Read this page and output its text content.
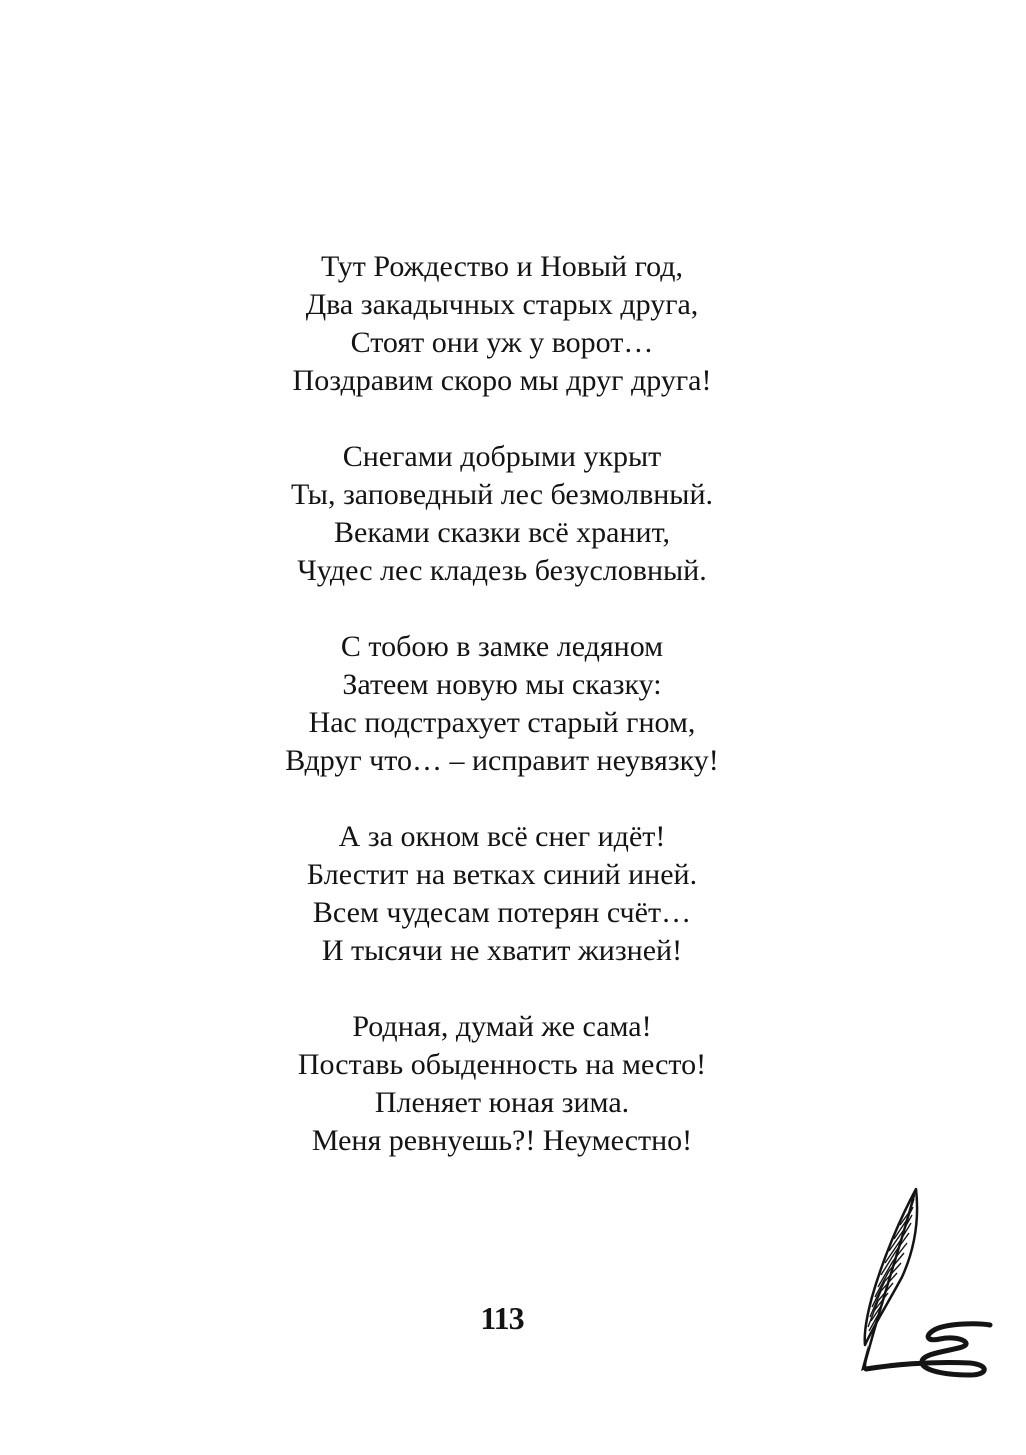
Тут Рождество и Новый год,
Два закадычных старых друга,
Стоят они уж у ворот…
Поздравим скоро мы друг друга!
Снегами добрыми укрыт
Ты, заповедный лес безмолвный.
Веками сказки всё хранит,
Чудес лес кладезь безусловный.
С тобою в замке ледяном
Затеем новую мы сказку:
Нас подстрахует старый гном,
Вдруг что… – исправит неувязку!
А за окном всё снег идёт!
Блестит на ветках синий иней.
Всем чудесам потерян счёт…
И тысячи не хватит жизней!
Родная, думай же сама!
Поставь обыденность на место!
Пленяет юная зима.
Меня ревнуешь?! Неуместно!
113
